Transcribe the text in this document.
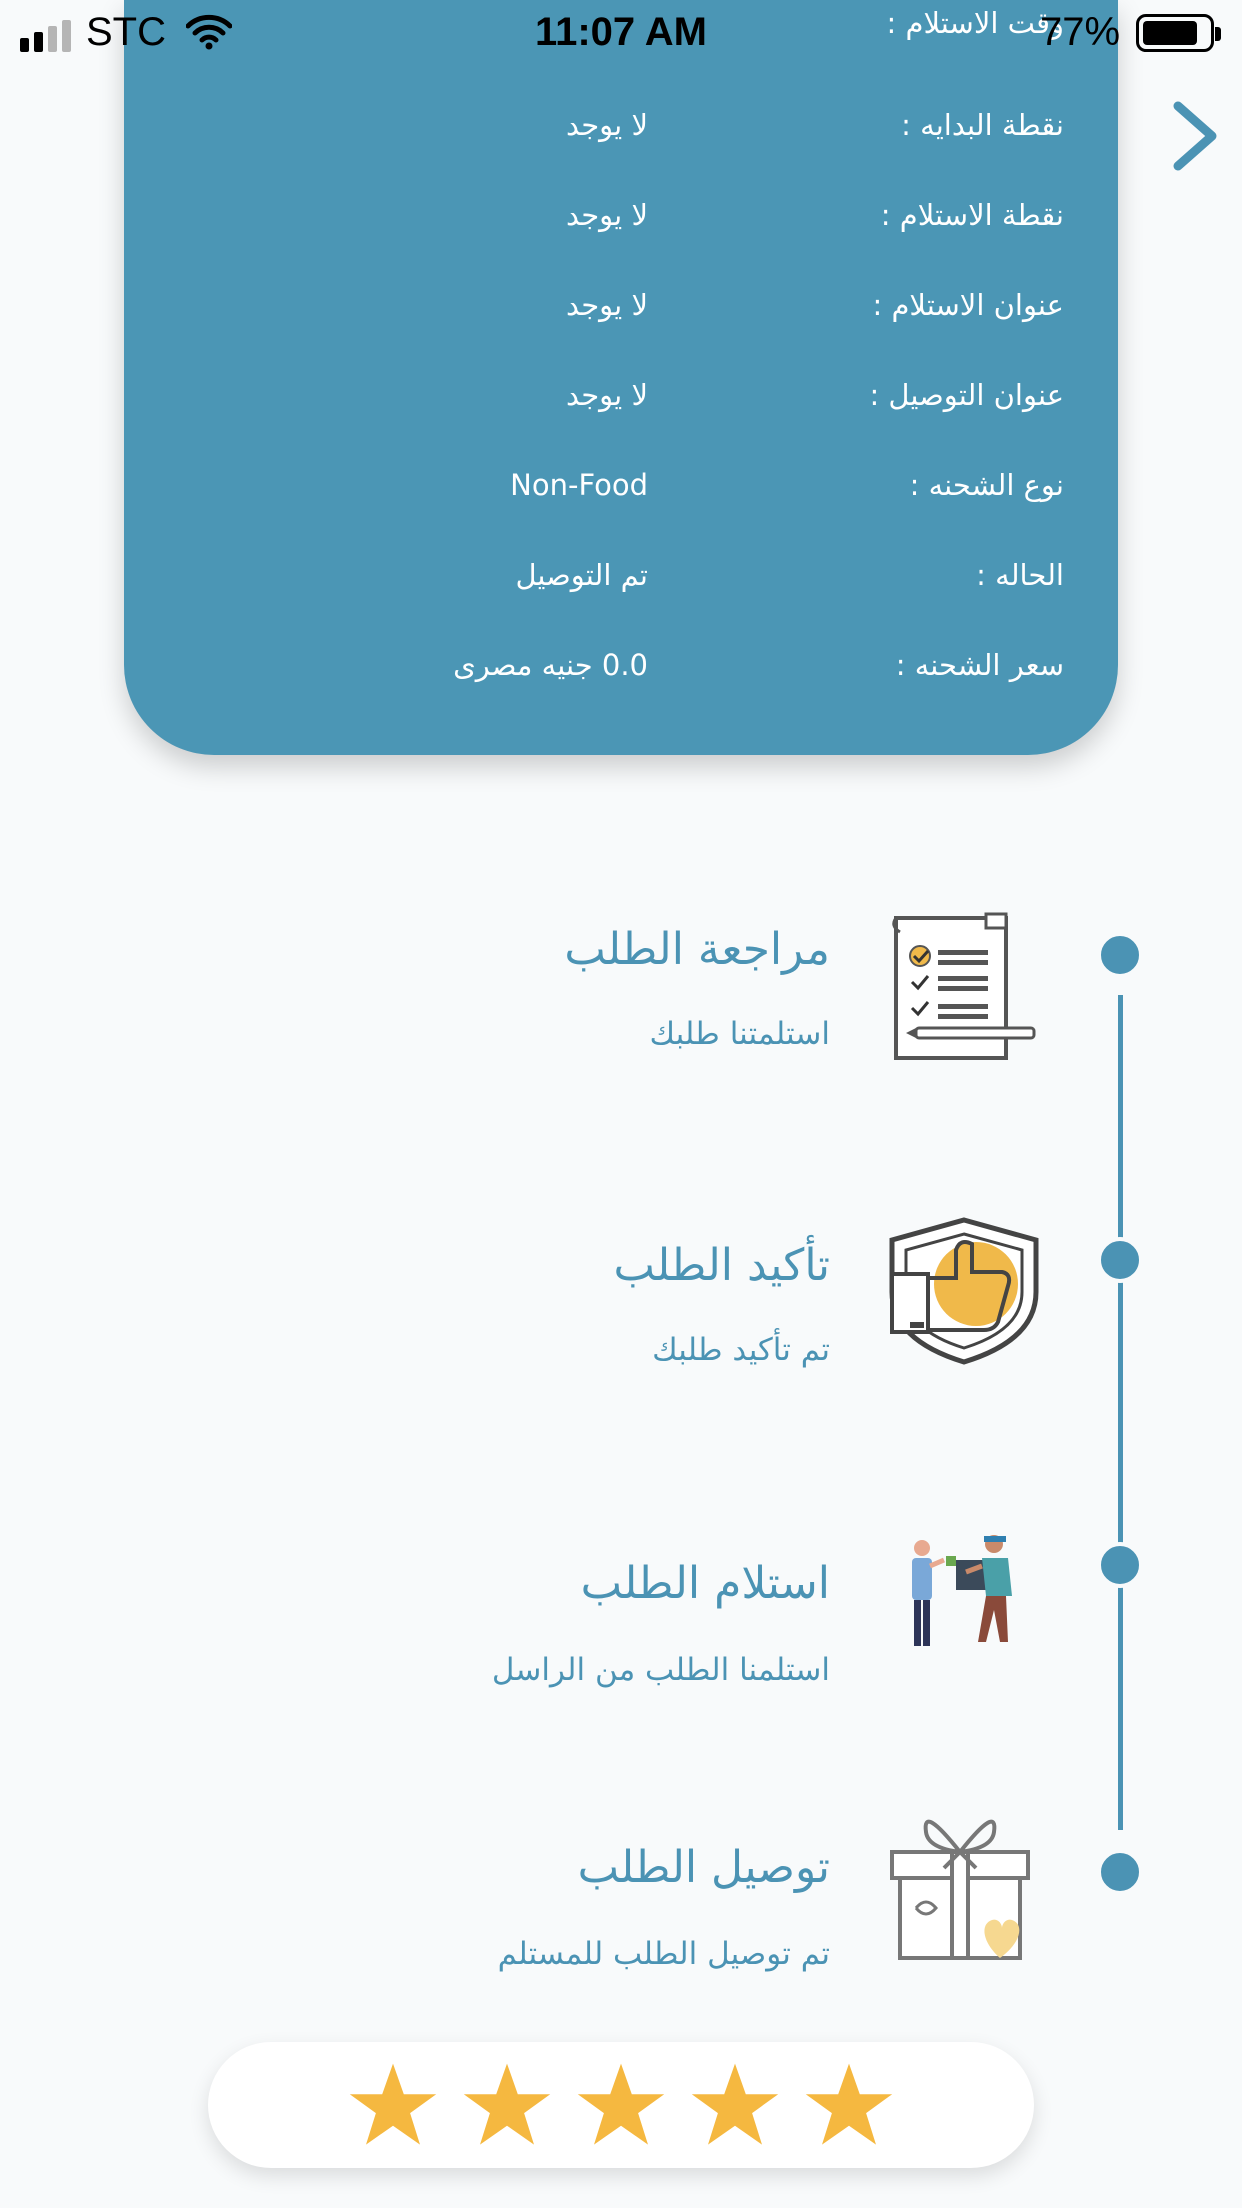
STC	11:07 AM	77%
وقت الاستلام :
نقطة البدايه :
لا يوجد
نقطة الاستلام :
لا يوجد
عنوان الاستلام :
لا يوجد
عنوان التوصيل :
لا يوجد
نوع الشحنه :
Non-Food
الحاله :
تم التوصيل
سعر الشحنه :
0.0 جنيه مصرى
مراجعة الطلب
استلمتنا طلبك
تأكيد الطلب
تم تأكيد طلبك
استلام الطلب
استلمنا الطلب من الراسل
توصيل الطلب
تم توصيل الطلب للمستلم
